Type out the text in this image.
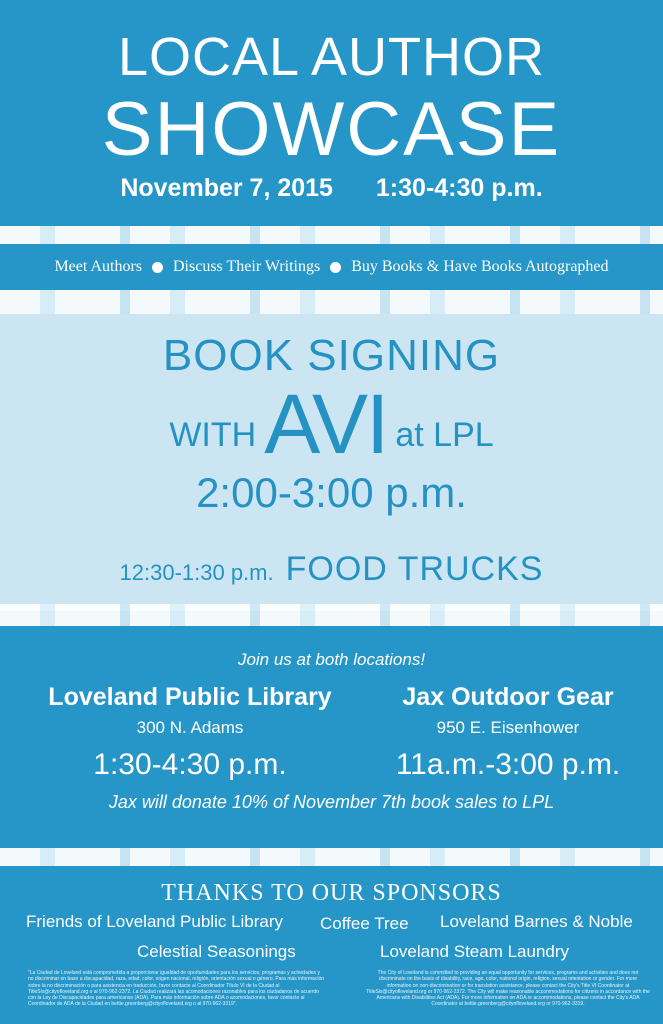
LOCAL AUTHOR
SHOWCASE
November 7, 2015 1:30-4:30 p.m.
Meet Authors Discuss Their Writings Buy Books & Have Books Autographed
BOOK SIGNING
WITH AVI at LPL
2:00-3:00 p.m.
12:30-1:30 p.m. FOOD TRUCKS
Join us at both locations!
Loveland Public Library
300 N. Adams
1:30-4:30 p.m.
Jax Outdoor Gear
950 E. Eisenhower
11a.m.-3:00 p.m.
Jax will donate 10% of November 7th book sales to LPL
THANKS TO OUR SPONSORS
Friends of Loveland Public Library Coffee Tree Loveland Barnes & Noble
Celestial Seasonings	Loveland Steam Laundry
"La Ciudad de Loveland está comprometida a proporcionar igualdad de oportunidades para los servicios, programas y actividades y no discriminar en base a discapacidad, raza, edad, color, origen nacional, religión, orientación sexual o género. Para más información sobre la no discriminación o para asistencia en traducción, favor contacte al Coordinador Título VI de la Ciudad al TitleSix@cityofloveland.org o al 970-962-2372. La Ciudad realizará las acomodaciones razonables para los ciudadanos de acuerdo con la Ley de Discapacidades para americanos (ADA). Para más información sobre ADA o acomodaciones, favor contacte al Coordinador de ADA de la Ciudad en bettie.greenberg@cityofloveland.org o al 970-962-3319".
The City of Loveland is committed to providing an equal opportunity for services, programs and activities and does not discriminate on the basis of disability, race, age, color, national origin, religion, sexual orientation or gender. For more information on non-discrimination or for translation assistance, please contact the City's Title VI Coordinator at TitleSix@cityofloveland.org or 970-962-2372. The City will make reasonable accommodations for citizens in accordance with the Americans with Disabilities Act (ADA). For more information on ADA or accommodations, please contact the City's ADA Coordinator at bettie.greenberg@cityofloveland.org or 970-962-3319.
